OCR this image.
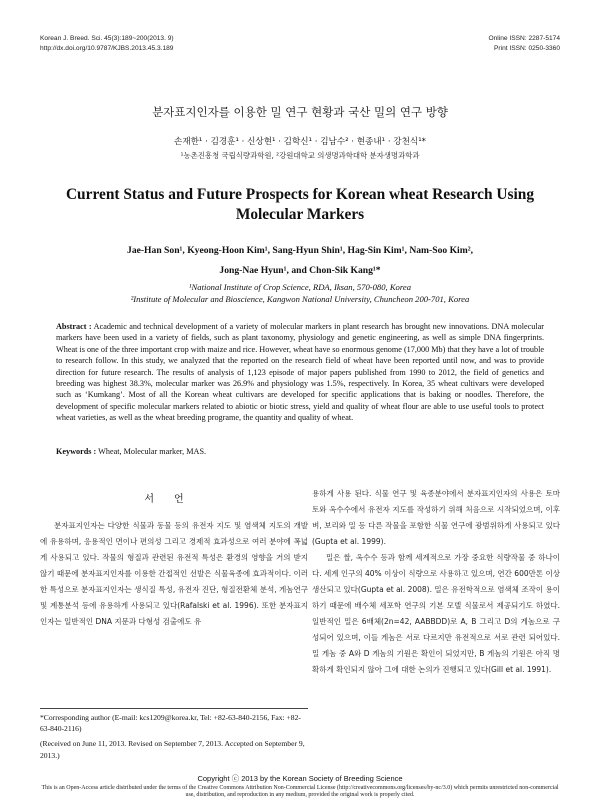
Korean J. Breed. Sci. 45(3):189~200(2013. 9)
http://dx.doi.org/10.9787/KJBS.2013.45.3.189
Online ISSN: 2287-5174
Print ISSN: 0250-3360
분자표지인자를 이용한 밀 연구 현황과 국산 밀의 연구 방향
손재한¹ · 김경훈¹ · 신상현¹ · 김학신¹ · 김남수² · 현종내¹ · 강천식¹*
¹농촌진흥청 국립식량과학원, ²강원대학교 의생명과학대학 분자생명과학과
Current Status and Future Prospects for Korean wheat Research Using Molecular Markers
Jae-Han Son¹, Kyeong-Hoon Kim¹, Sang-Hyun Shin¹, Hag-Sin Kim¹, Nam-Soo Kim²,
Jong-Nae Hyun¹, and Chon-Sik Kang¹*
¹National Institute of Crop Science, RDA, Iksan, 570-080, Korea
²Institute of Molecular and Bioscience, Kangwon National University, Chuncheon 200-701, Korea
Abstract : Academic and technical development of a variety of molecular markers in plant research has brought new innovations. DNA molecular markers have been used in a variety of fields, such as plant taxonomy, physiology and genetic engineering, as well as simple DNA fingerprints. Wheat is one of the three important crop with maize and rice. However, wheat have so enormous genome (17,000 Mb) that they have a lot of trouble to research follow. In this study, we analyzed that the reported on the research field of wheat have been reported until now, and was to provide direction for future research. The results of analysis of 1,123 episode of major papers published from 1990 to 2012, the field of genetics and breeding was highest 38.3%, molecular marker was 26.9% and physiology was 1.5%, respectively. In Korea, 35 wheat cultivars were developed such as ‘Kumkang’. Most of all the Korean wheat cultivars are developed for specific applications that is baking or noodles. Therefore, the development of specific molecular markers related to abiotic or biotic stress, yield and quality of wheat flour are able to use useful tools to protect wheat varieties, as well as the wheat breeding programe, the quantity and quality of wheat.
Keywords : Wheat, Molecular marker, MAS.
서언

분자표지인자는 다양한 식물과 동물 등의 유전자 지도 및 염색체 지도의 개발에 유용하며, 응용적인 면이나 편의성 그리고 경제적 효과성으로 여러 분야에 폭넓게 사용되고 있다. 작물의 형질과 관련된 유전적 특성은 환경의 영향을 거의 받지 않기 때문에 분자표지인자를 이용한 간접적인 선발은 식물육종에 효과적이다. 이러한 특성으로 분자표지인자는 생식질 특성, 유전자 진단, 형질전환체 분석, 게놈연구 및 계통분석 등에 유용하게 사용되고 있다(Rafalski et al. 1996). 또한 분자표지인자는 일반적인 DNA 지문과 다형성 검출에도 유

용하게 사용 된다. 식물 연구 및 육종분야에서 분자표지인자의 사용은 토마토와 옥수수에서 유전자 지도를 작성하기 위해 처음으로 시작되었으며, 이후 벼, 보리와 밀 등 다른 작물을 포함한 식물 연구에 광범위하게 사용되고 있다(Gupta et al. 1999).

밀은 쌀, 옥수수 등과 함께 세계적으로 가장 중요한 식량작물 중 하나이다. 세계 인구의 40% 이상이 식량으로 사용하고 있으며, 연간 600만톤 이상 생산되고 있다(Gupta et al. 2008). 밀은 유전학적으로 염색체 조작이 용이하기 때문에 배수체 세포학 연구의 기본 모델 식물로서 제공되기도 하였다. 일반적인 밀은 6배체(2n=42, AABBDD)로 A, B 그리고 D의 게놈으로 구성되어 있으며, 이들 게놈은 서로 다르지만 유전적으로 서로 관련 되어있다. 밀 게놈 중 A와 D 게놈의 기원은 확인이 되었지만, B 게놈의 기원은 아직 명확하게 확인되지 않아 그에 대한 논의가 진행되고 있다(Gill et al. 1991).

*Corresponding author (E-mail: kcs1209@korea.kr, Tel: +82-63-840-2156, Fax: +82-63-840-2116)

(Received on June 11, 2013. Revised on September 7, 2013. Accepted on September 9, 2013.)

Copyright ⓒ 2013 by the Korean Society of Breeding Science
This is an Open-Access article distributed under the terms of the Creative Commons Attribution Non-Commercial License (http://creativecommons.org/licenses/by-nc/3.0) which permits unrestricted non-commercial use, distribution, and reproduction in any medium, provided the original work is properly cited.
